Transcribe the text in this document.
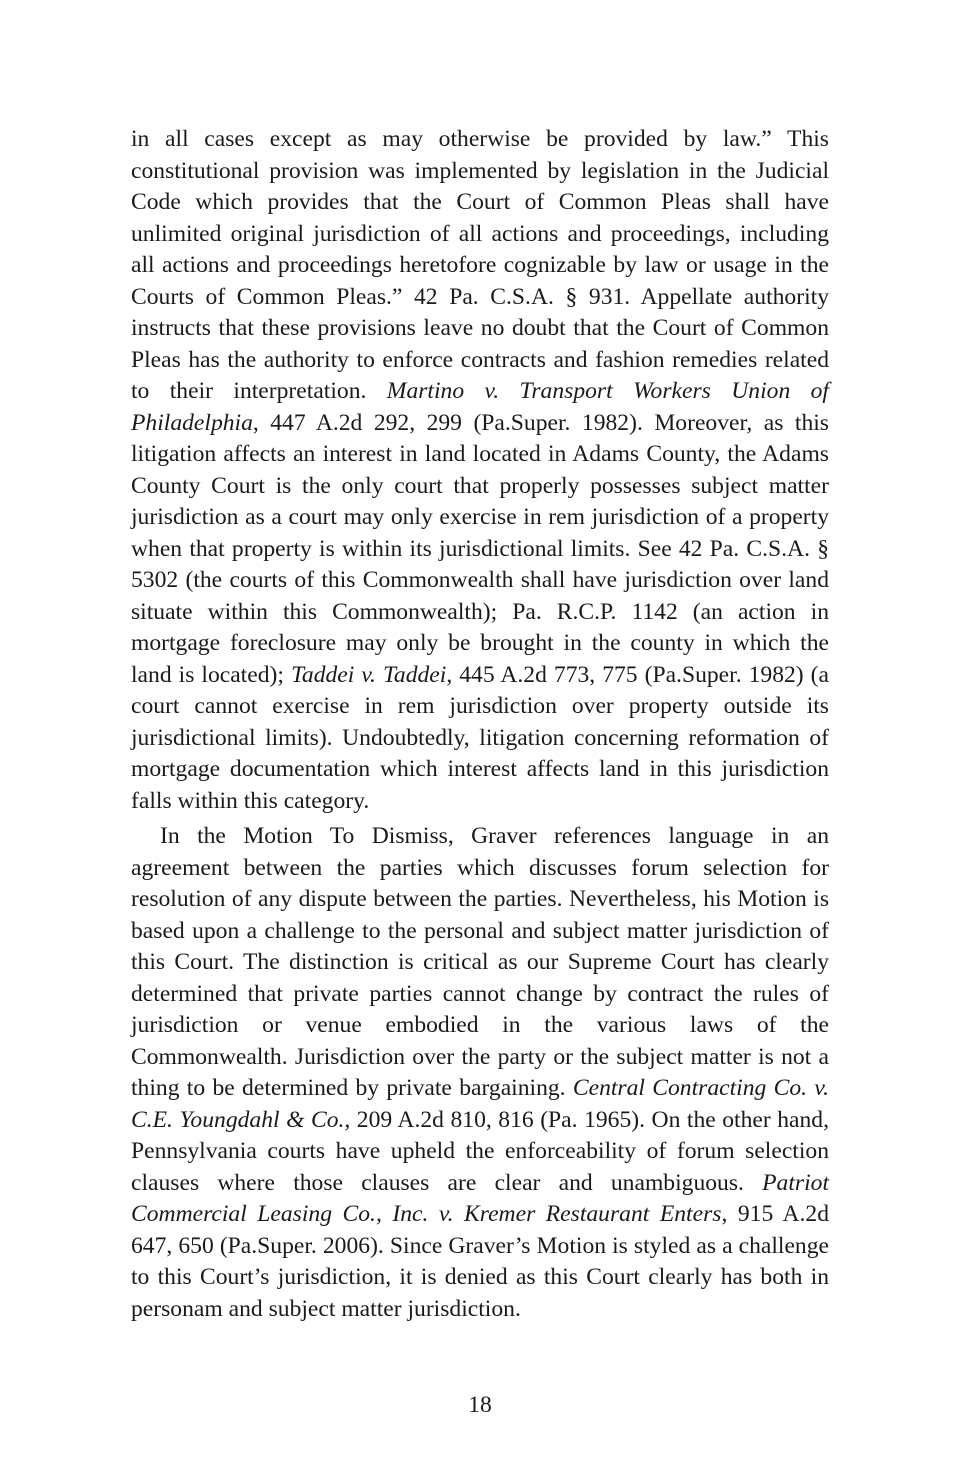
in all cases except as may otherwise be provided by law.” This constitutional provision was implemented by legislation in the Judicial Code which provides that the Court of Common Pleas shall have unlimited original jurisdiction of all actions and proceedings, including all actions and proceedings heretofore cognizable by law or usage in the Courts of Common Pleas.” 42 Pa. C.S.A. § 931. Appellate authority instructs that these provisions leave no doubt that the Court of Common Pleas has the authority to enforce contracts and fashion remedies related to their interpretation. Martino v. Transport Workers Union of Philadelphia, 447 A.2d 292, 299 (Pa.Super. 1982). Moreover, as this litigation affects an interest in land located in Adams County, the Adams County Court is the only court that properly possesses subject matter jurisdiction as a court may only exercise in rem jurisdiction of a property when that property is within its jurisdictional limits. See 42 Pa. C.S.A. § 5302 (the courts of this Commonwealth shall have jurisdiction over land situate within this Commonwealth); Pa. R.C.P. 1142 (an action in mortgage foreclosure may only be brought in the county in which the land is located); Taddei v. Taddei, 445 A.2d 773, 775 (Pa.Super. 1982) (a court cannot exercise in rem jurisdiction over property outside its jurisdictional limits). Undoubtedly, litigation concerning reformation of mortgage documentation which interest affects land in this jurisdiction falls within this category.

In the Motion To Dismiss, Graver references language in an agreement between the parties which discusses forum selection for resolution of any dispute between the parties. Nevertheless, his Motion is based upon a challenge to the personal and subject matter jurisdiction of this Court. The distinction is critical as our Supreme Court has clearly determined that private parties cannot change by contract the rules of jurisdiction or venue embodied in the various laws of the Commonwealth. Jurisdiction over the party or the subject matter is not a thing to be determined by private bargaining. Central Contracting Co. v. C.E. Youngdahl & Co., 209 A.2d 810, 816 (Pa. 1965). On the other hand, Pennsylvania courts have upheld the enforceability of forum selection clauses where those clauses are clear and unambiguous. Patriot Commercial Leasing Co., Inc. v. Kremer Restaurant Enters, 915 A.2d 647, 650 (Pa.Super. 2006). Since Graver’s Motion is styled as a challenge to this Court’s jurisdiction, it is denied as this Court clearly has both in personam and subject matter jurisdiction.

18
